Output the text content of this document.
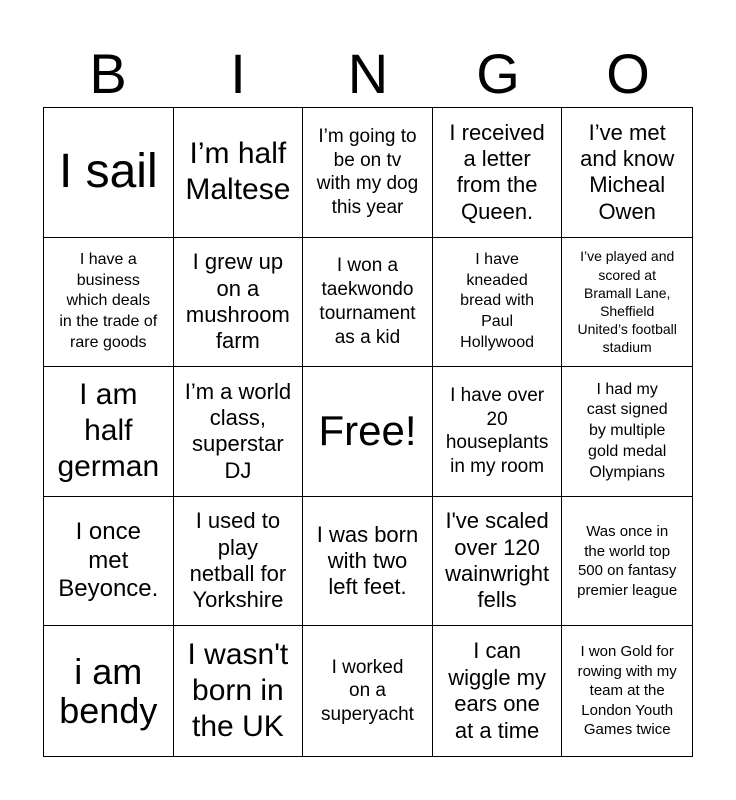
B	I	N	G	O
I sail I’m half
Maltese
I’m going to
be on tv
with my dog
this year
I received
a letter
from the
Queen.
I’ve met
and know
Micheal
Owen
I have a
business
which deals
in the trade of
rare goods
I grew up
on a
mushroom
farm
I won a
taekwondo
tournament
as a kid
I have
kneaded
bread with
Paul
Hollywood
I’ve played and
scored at
Bramall Lane,
Sheffield
United’s football
stadium
I am
half
german
I’m a world
class,
superstar
DJ
Free!
I have over
20
houseplants
in my room
I had my
cast signed
by multiple
gold medal
Olympians
I once
met
Beyonce.
I used to
play
netball for
Yorkshire
I was born
with two
left feet.
I've scaled
over 120
wainwright
fells
Was once in
the world top
500 on fantasy
premier league
i am
bendy
I wasn't
born in
the UK
I worked
on a
superyacht
I can
wiggle my
ears one
at a time
I won Gold for
rowing with my
team at the
London Youth
Games twice
